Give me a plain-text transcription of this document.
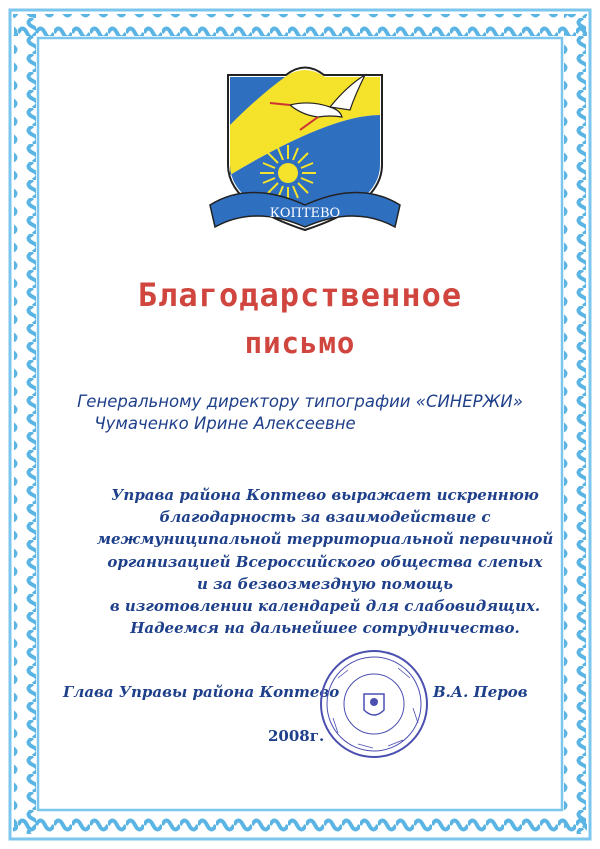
КОПТЕВО
Благодарственное
письмо
Генеральному директору типографии «СИНЕРЖИ»
Чумаченко Ирине Алексеевне
Управа района Коптево выражает искреннюю
благодарность за взаимодействие с
межмуниципальной территориальной первичной
организацией Всероссийского общества слепых
и за безвозмездную помощь
в изготовлении календарей для слабовидящих.
Надеемся на дальнейшее сотрудничество.
Глава Управы района Коптево	В.А. Перов
2008г.
